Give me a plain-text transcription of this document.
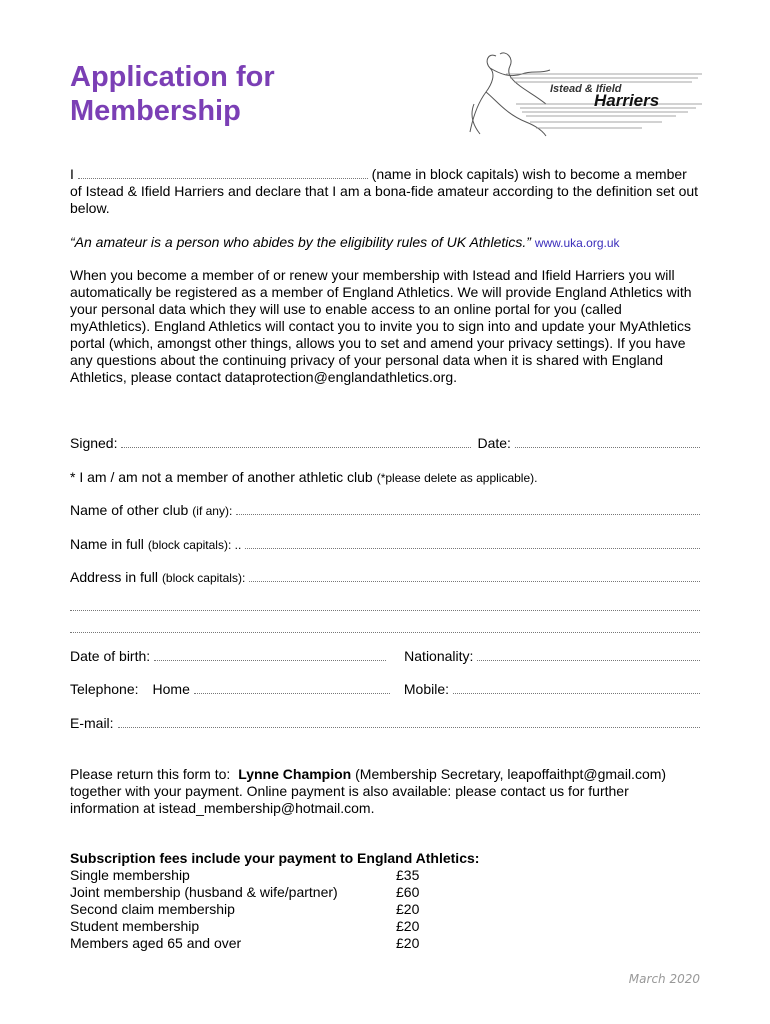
Application for
Membership
Istead & Ifield
Harriers
I	(name in block capitals) wish to become a member of Istead & Ifield Harriers and declare that I am a bona-fide amateur according to the definition set out below.
“An amateur is a person who abides by the eligibility rules of UK Athletics.” www.uka.org.uk
When you become a member of or renew your membership with Istead and Ifield Harriers you will automatically be registered as a member of England Athletics. We will provide England Athletics with your personal data which they will use to enable access to an online portal for you (called myAthletics). England Athletics will contact you to invite you to sign into and update your MyAthletics portal (which, amongst other things, allows you to set and amend your privacy settings). If you have any questions about the continuing privacy of your personal data when it is shared with England Athletics, please contact dataprotection@englandathletics.org.
Signed:	Date:
* I am / am not a member of another athletic club (*please delete as applicable).
Name of other club (if any):
Name in full (block capitals): ..
Address in full (block capitals):
Date of birth:	Nationality:
Telephone: Home	Mobile:
E-mail:
Please return this form to: Lynne Champion (Membership Secretary, leapoffaithpt@gmail.com) together with your payment. Online payment is also available: please contact us for further information at istead_membership@hotmail.com.
Subscription fees include your payment to England Athletics:
Single membership	£35
Joint membership (husband & wife/partner)	£60
Second claim membership	£20
Student membership	£20
Members aged 65 and over	£20
March 2020
